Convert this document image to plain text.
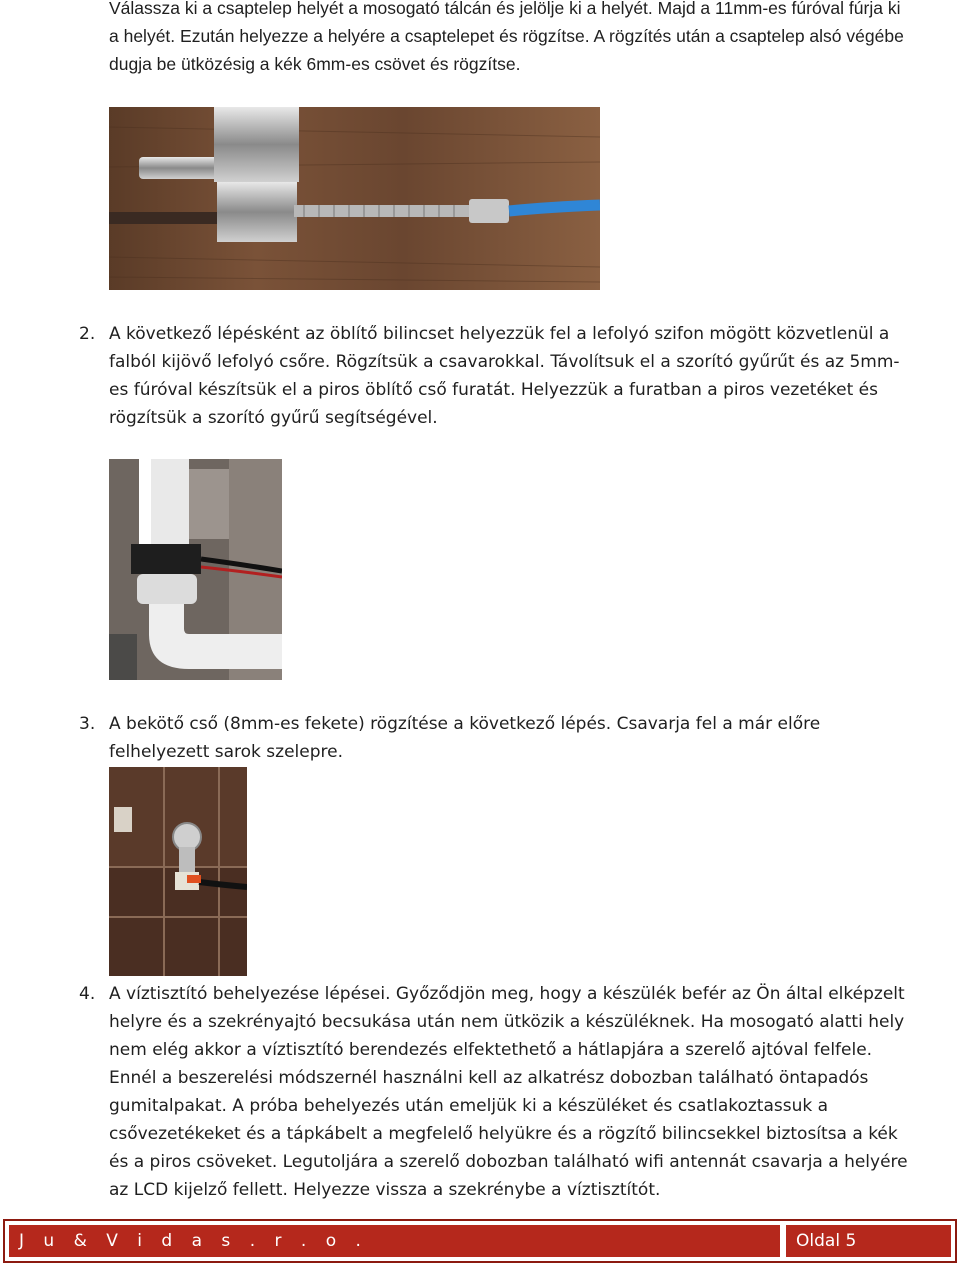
Válassza ki a csaptelep helyét a mosogató tálcán és jelölje ki a helyét. Majd a 11mm-es fúróval fúrja ki a helyét. Ezután helyezze a helyére a csaptelepet és rögzítse. A rögzítés után a csaptelep alsó végébe dugja be ütközésig a kék 6mm-es csövet és rögzítse.
2. A következő lépésként az öblítő bilincset helyezzük fel a lefolyó szifon mögött közvetlenül a falból kijövő lefolyó csőre. Rögzítsük a csavarokkal. Távolítsuk el a szorító gyűrűt és az 5mm-es fúróval készítsük el a piros öblítő cső furatát. Helyezzük a furatban a piros vezetéket és rögzítsük a szorító gyűrű segítségével.
3. A bekötő cső (8mm-es fekete) rögzítése a következő lépés. Csavarja fel a már előre felhelyezett sarok szelepre.
4. A víztisztító behelyezése lépései. Győződjön meg, hogy a készülék befér az Ön által elképzelt helyre és a szekrényajtó becsukása után nem ütközik a készüléknek. Ha mosogató alatti hely nem elég akkor a víztisztító berendezés elfektethető a hátlapjára a szerelő ajtóval felfele. Ennél a beszerelési módszernél használni kell az alkatrész dobozban található öntapadós gumitalpakat. A próba behelyezés után emeljük ki a készüléket és csatlakoztassuk a csővezetékeket és a tápkábelt a megfelelő helyükre és a rögzítő bilincsekkel biztosítsa a kék és a piros csöveket. Legutoljára a szerelő dobozban található wifi antennát csavarja a helyére az LCD kijelző fellett. Helyezze vissza a szekrénybe a víztisztítót.
J u & V i d a s . r . o .	Oldal 5
